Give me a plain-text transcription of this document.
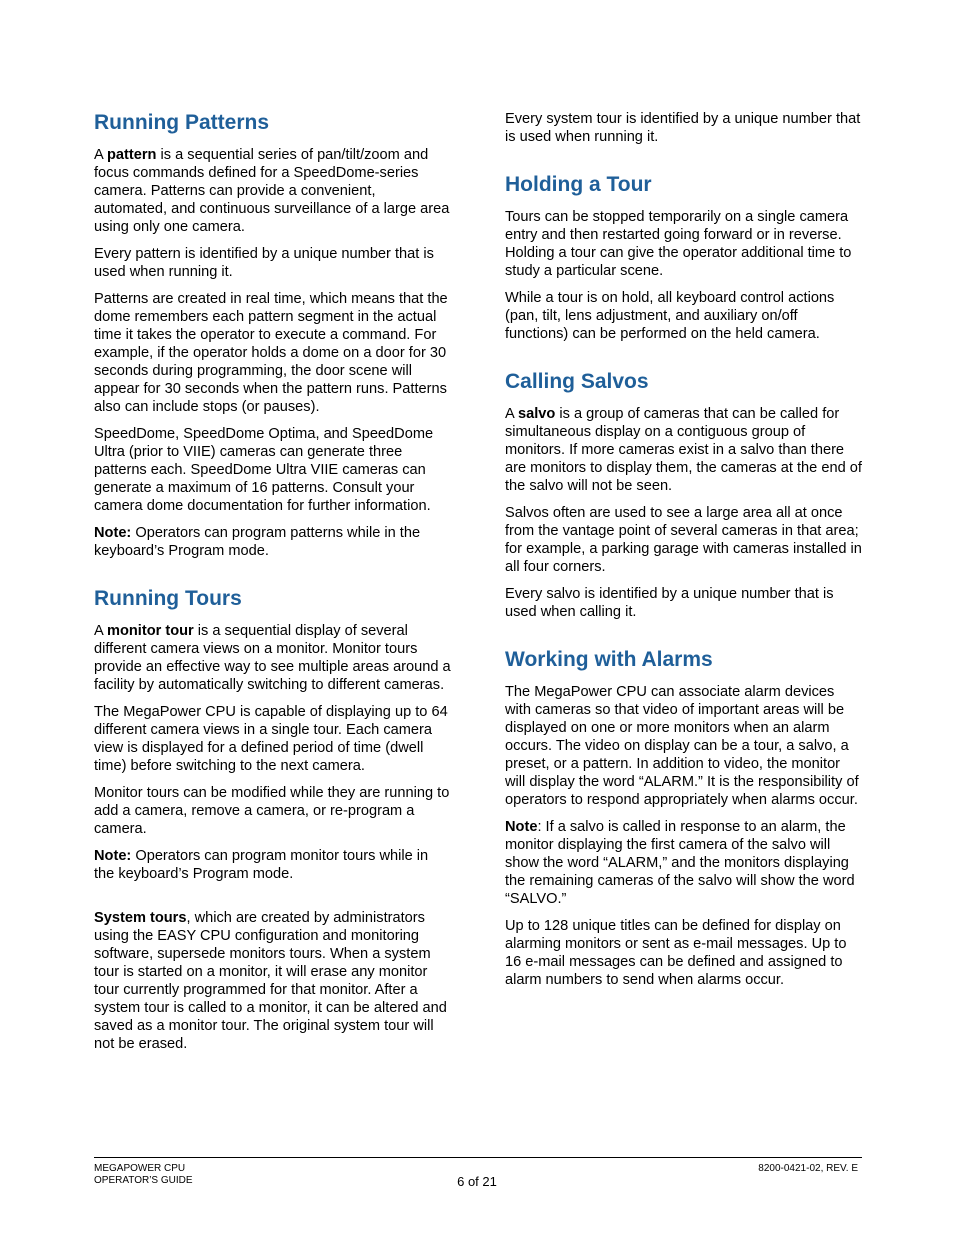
Running Patterns

A pattern is a sequential series of pan/tilt/zoom and focus commands defined for a SpeedDome-series camera. Patterns can provide a convenient, automated, and continuous surveillance of a large area using only one camera.

Every pattern is identified by a unique number that is used when running it.

Patterns are created in real time, which means that the dome remembers each pattern segment in the actual time it takes the operator to execute a command. For example, if the operator holds a dome on a door for 30 seconds during programming, the door scene will appear for 30 seconds when the pattern runs. Patterns also can include stops (or pauses).

SpeedDome, SpeedDome Optima, and SpeedDome Ultra (prior to VIIE) cameras can generate three patterns each. SpeedDome Ultra VIIE cameras can generate a maximum of 16 patterns. Consult your camera dome documentation for further information.

Note: Operators can program patterns while in the keyboard’s Program mode.

Running Tours

A monitor tour is a sequential display of several different camera views on a monitor. Monitor tours provide an effective way to see multiple areas around a facility by automatically switching to different cameras.

The MegaPower CPU is capable of displaying up to 64 different camera views in a single tour. Each camera view is displayed for a defined period of time (dwell time) before switching to the next camera.

Monitor tours can be modified while they are running to add a camera, remove a camera, or re-program a camera.

Note: Operators can program monitor tours while in the keyboard’s Program mode.

System tours, which are created by administrators using the EASY CPU configuration and monitoring software, supersede monitors tours. When a system tour is started on a monitor, it will erase any monitor tour currently programmed for that monitor. After a system tour is called to a monitor, it can be altered and saved as a monitor tour. The original system tour will not be erased.

Every system tour is identified by a unique number that is used when running it.

Holding a Tour

Tours can be stopped temporarily on a single camera entry and then restarted going forward or in reverse. Holding a tour can give the operator additional time to study a particular scene.

While a tour is on hold, all keyboard control actions (pan, tilt, lens adjustment, and auxiliary on/off functions) can be performed on the held camera.

Calling Salvos

A salvo is a group of cameras that can be called for simultaneous display on a contiguous group of monitors. If more cameras exist in a salvo than there are monitors to display them, the cameras at the end of the salvo will not be seen.

Salvos often are used to see a large area all at once from the vantage point of several cameras in that area; for example, a parking garage with cameras installed in all four corners.

Every salvo is identified by a unique number that is used when calling it.

Working with Alarms

The MegaPower CPU can associate alarm devices with cameras so that video of important areas will be displayed on one or more monitors when an alarm occurs. The video on display can be a tour, a salvo, a preset, or a pattern. In addition to video, the monitor will display the word “ALARM.” It is the responsibility of operators to respond appropriately when alarms occur.

Note: If a salvo is called in response to an alarm, the monitor displaying the first camera of the salvo will show the word “ALARM,” and the monitors displaying the remaining cameras of the salvo will show the word “SALVO.”

Up to 128 unique titles can be defined for display on alarming monitors or sent as e-mail messages. Up to 16 e-mail messages can be defined and assigned to alarm numbers to send when alarms occur.

MEGAPOWER CPU
OPERATOR’S GUIDE	6 of 21
8200-0421-02, REV. E
